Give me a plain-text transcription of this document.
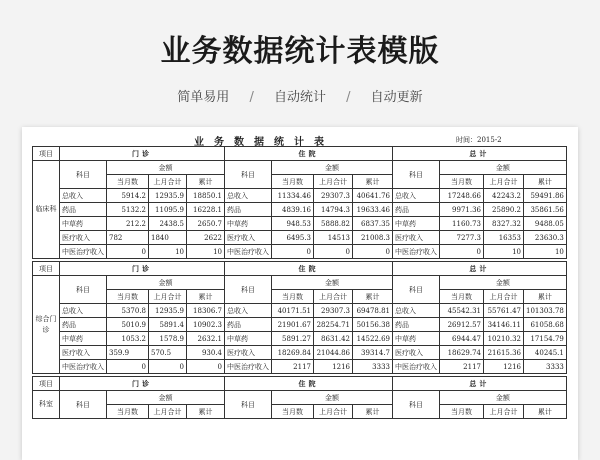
业务数据统计表模版
简单易用 / 自动统计 / 自动更新
业务数据统计表	时间：2015-2
项目	门诊				住院				总计			
临床科	科目	金额			科目	金额			科目	金额		
		当月数	上月合计	累计		当月数	上月合计	累计		当月数	上月合计	累计
	总收入	5914.2	12935.9	18850.1	总收入	11334.46	29307.3	40641.76	总收入	17248.66	42243.2	59491.86
	药品	5132.2	11095.9	16228.1	药品	4839.16	14794.3	19633.46	药品	9971.36	25890.2	35861.56
	中草药	212.2	2438.5	2650.7	中草药	948.53	5888.82	6837.35	中草药	1160.73	8327.32	9488.05
	医疗收入	782	1840	2622	医疗收入	6495.3	14513	21008.3	医疗收入	7277.3	16353	23630.3
	中医治疗收入	0	10	10	中医治疗收入	0	0	0	中医治疗收入	0	10	10

项目	门诊				住院				总计			
综合门诊	科目	金额			科目	金额			科目	金额		
		当月数	上月合计	累计		当月数	上月合计	累计		当月数	上月合计	累计
	总收入	5370.8	12935.9	18306.7	总收入	40171.51	29307.3	69478.81	总收入	45542.31	55761.47	101303.78
	药品	5010.9	5891.4	10902.3	药品	21901.67	28254.71	50156.38	药品	26912.57	34146.11	61058.68
	中草药	1053.2	1578.9	2632.1	中草药	5891.27	8631.42	14522.69	中草药	6944.47	10210.32	17154.79
	医疗收入	359.9	570.5	930.4	医疗收入	18269.84	21044.86	39314.7	医疗收入	18629.74	21615.36	40245.1
	中医治疗收入	0	0	0	中医治疗收入	2117	1216	3333	中医治疗收入	2117	1216	3333

项目	门诊				住院				总计			
科室	科目	金额			科目	金额			科目	金额		
		当月数	上月合计	累计		当月数	上月合计	累计		当月数	上月合计	累计
